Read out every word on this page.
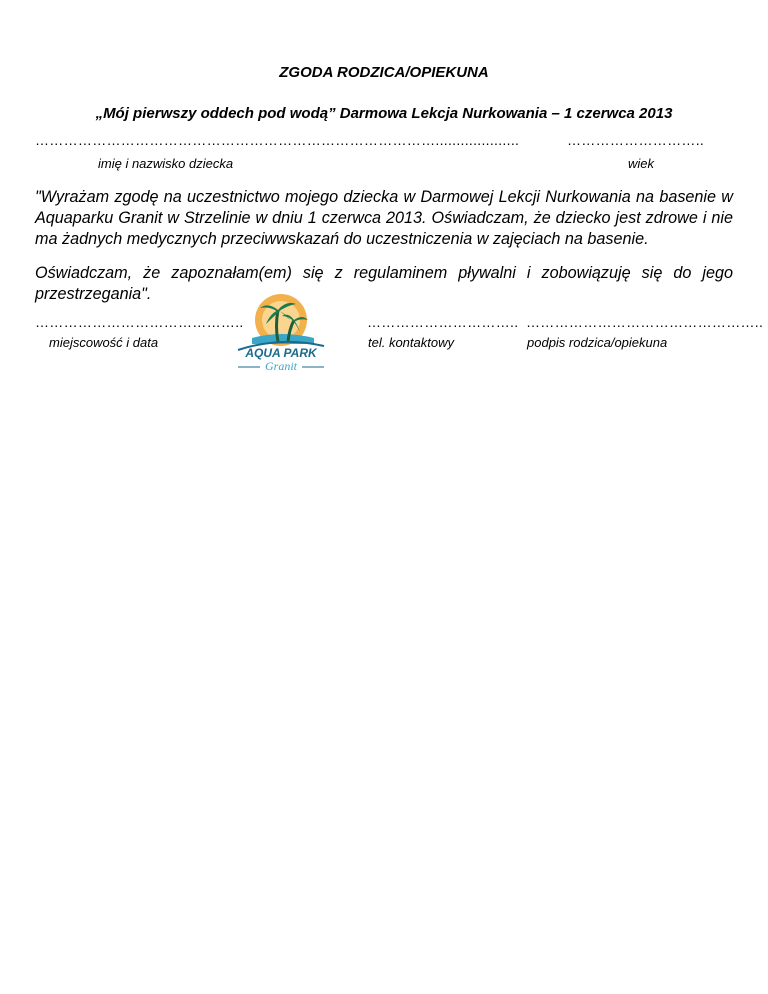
ZGODA RODZICA/OPIEKUNA
„Mój pierwszy oddech pod wodą” Darmowa Lekcja Nurkowania – 1 czerwca 2013
…………………………………………………………………………....................	………………………..
imię i nazwisko dziecka	wiek
"Wyrażam zgodę na uczestnictwo mojego dziecka w Darmowej Lekcji Nurkowania na basenie w Aquaparku Granit w Strzelinie w dniu 1 czerwca 2013. Oświadczam, że dziecko jest zdrowe i nie ma żadnych medycznych przeciwwskazań do uczestniczenia w zajęciach na basenie.
Oświadczam, że zapoznałam(em) się z regulaminem pływalni i zobowiązuję się do jego przestrzegania".
……………………………………..	………………………….. …………………………………………..
miejscowość i data	tel. kontaktowy	podpis rodzica/opiekuna
AQUA PARK
Granit
